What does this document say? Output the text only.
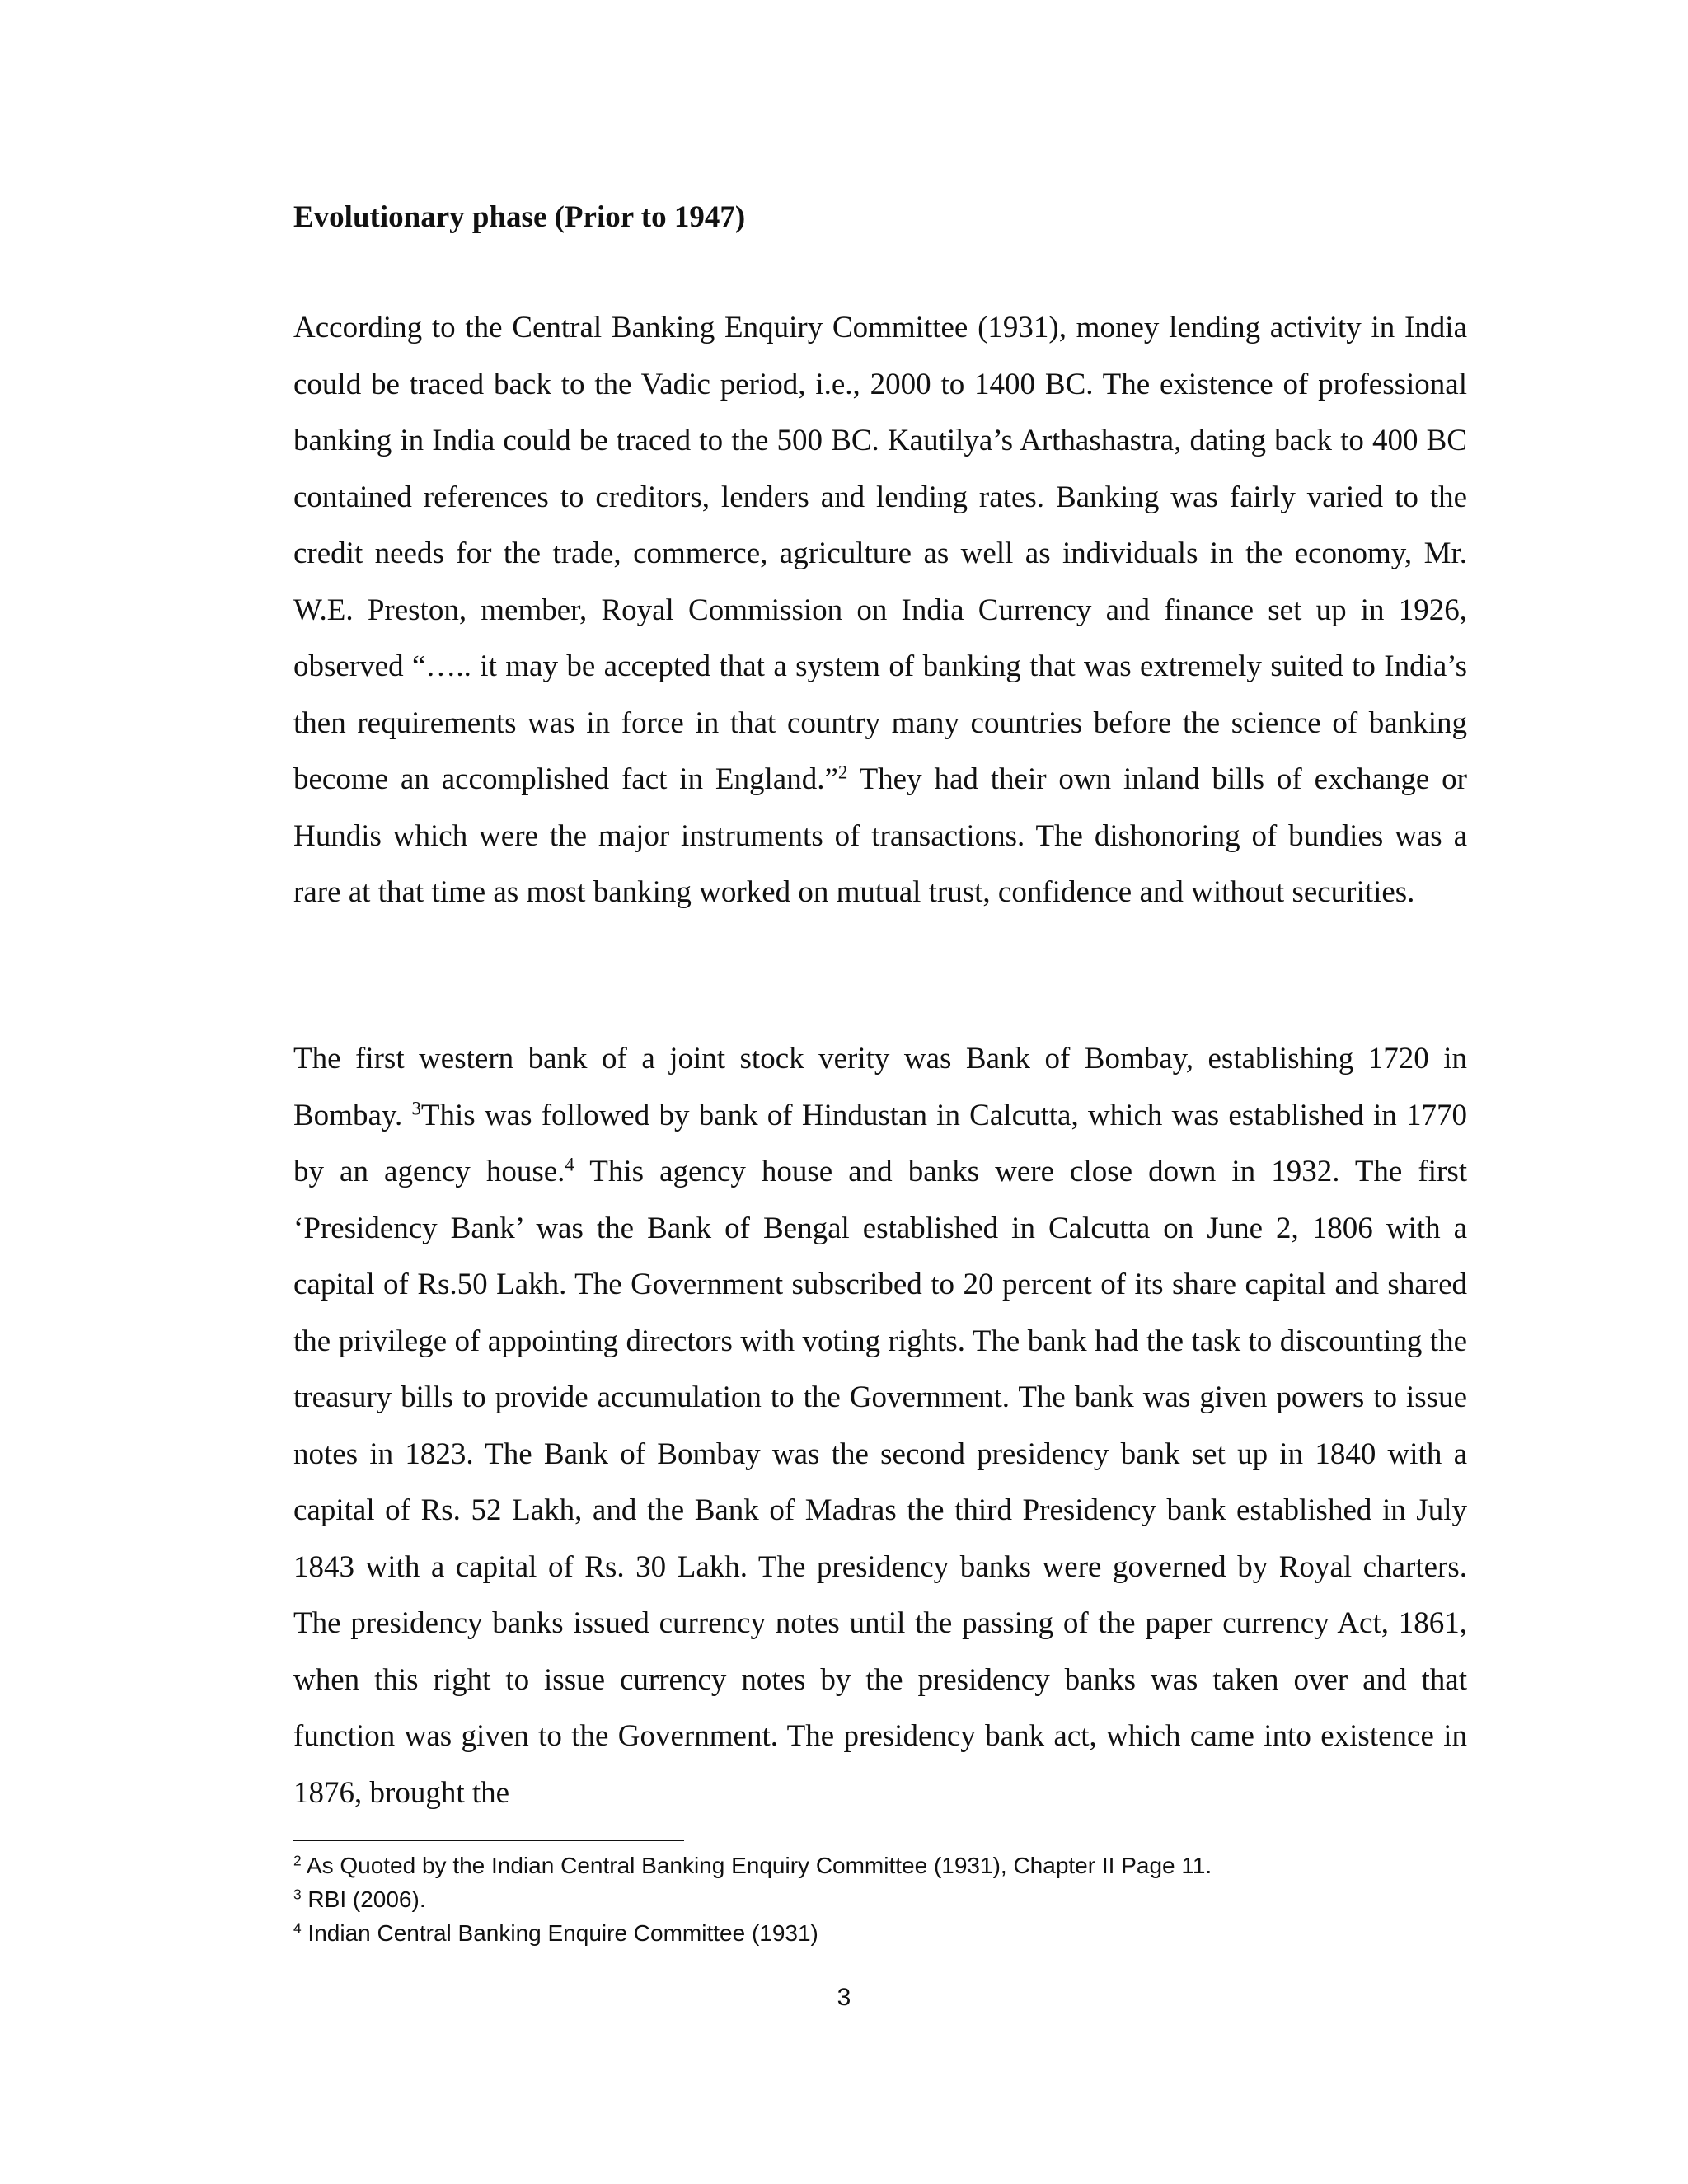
Evolutionary phase (Prior to 1947)

According to the Central Banking Enquiry Committee (1931), money lending activity in India could be traced back to the Vadic period, i.e., 2000 to 1400 BC. The existence of professional banking in India could be traced to the 500 BC. Kautilya’s Arthashastra, dating back to 400 BC contained references to creditors, lenders and lending rates. Banking was fairly varied to the credit needs for the trade, commerce, agriculture as well as individuals in the economy, Mr. W.E. Preston, member, Royal Commission on India Currency and finance set up in 1926, observed “….. it may be accepted that a system of banking that was extremely suited to India’s then requirements was in force in that country many countries before the science of banking become an accomplished fact in England.”$^2$ They had their own inland bills of exchange or Hundis which were the major instruments of transactions. The dishonoring of bundies was a rare at that time as most banking worked on mutual trust, confidence and without securities.

The first western bank of a joint stock verity was Bank of Bombay, establishing 1720 in Bombay. $^3$This was followed by bank of Hindustan in Calcutta, which was established in 1770 by an agency house.$^4$ This agency house and banks were close down in 1932. The first ‘Presidency Bank’ was the Bank of Bengal established in Calcutta on June 2, 1806 with a capital of Rs.50 Lakh. The Government subscribed to 20 percent of its share capital and shared the privilege of appointing directors with voting rights. The bank had the task to discounting the treasury bills to provide accumulation to the Government. The bank was given powers to issue notes in 1823. The Bank of Bombay was the second presidency bank set up in 1840 with a capital of Rs. 52 Lakh, and the Bank of Madras the third Presidency bank established in July 1843 with a capital of Rs. 30 Lakh. The presidency banks were governed by Royal charters. The presidency banks issued currency notes until the passing of the paper currency Act, 1861, when this right to issue currency notes by the presidency banks was taken over and that function was given to the Government. The presidency bank act, which came into existence in 1876, brought the

$^2$ As Quoted by the Indian Central Banking Enquiry Committee (1931), Chapter II Page 11.
$^3$ RBI (2006).
$^4$ Indian Central Banking Enquire Committee (1931)
3
